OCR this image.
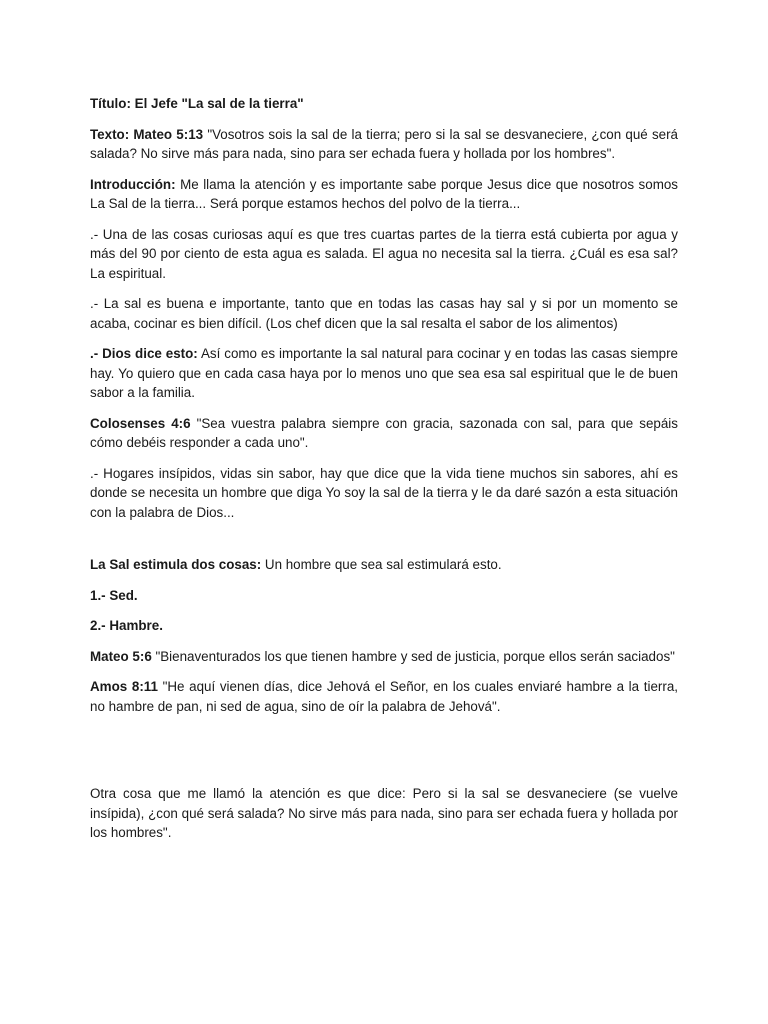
Título: El Jefe "La sal de la tierra"

Texto: Mateo 5:13 "Vosotros sois la sal de la tierra; pero si la sal se desvaneciere, ¿con qué será salada? No sirve más para nada, sino para ser echada fuera y hollada por los hombres".

Introducción: Me llama la atención y es importante sabe porque Jesus dice que nosotros somos La Sal de la tierra... Será porque estamos hechos del polvo de la tierra...

.- Una de las cosas curiosas aquí es que tres cuartas partes de la tierra está cubierta por agua y más del 90 por ciento de esta agua es salada. El agua no necesita sal la tierra. ¿Cuál es esa sal? La espiritual.

.- La sal es buena e importante, tanto que en todas las casas hay sal y si por un momento se acaba, cocinar es bien difícil. (Los chef dicen que la sal resalta el sabor de los alimentos)

.- Dios dice esto: Así como es importante la sal natural para cocinar y en todas las casas siempre hay. Yo quiero que en cada casa haya por lo menos uno que sea esa sal espiritual que le de buen sabor a la familia.

Colosenses 4:6 "Sea vuestra palabra siempre con gracia, sazonada con sal, para que sepáis cómo debéis responder a cada uno".

.- Hogares insípidos, vidas sin sabor, hay que dice que la vida tiene muchos sin sabores, ahí es donde se necesita un hombre que diga Yo soy la sal de la tierra y le da daré sazón a esta situación con la palabra de Dios...

La Sal estimula dos cosas: Un hombre que sea sal estimulará esto.

1.- Sed.

2.- Hambre.

Mateo 5:6 "Bienaventurados los que tienen hambre y sed de justicia, porque ellos serán saciados"

Amos 8:11 "He aquí vienen días, dice Jehová el Señor, en los cuales enviaré hambre a la tierra, no hambre de pan, ni sed de agua, sino de oír la palabra de Jehová".

Otra cosa que me llamó la atención es que dice: Pero si la sal se desvaneciere (se vuelve insípida), ¿con qué será salada? No sirve más para nada, sino para ser echada fuera y hollada por los hombres".
